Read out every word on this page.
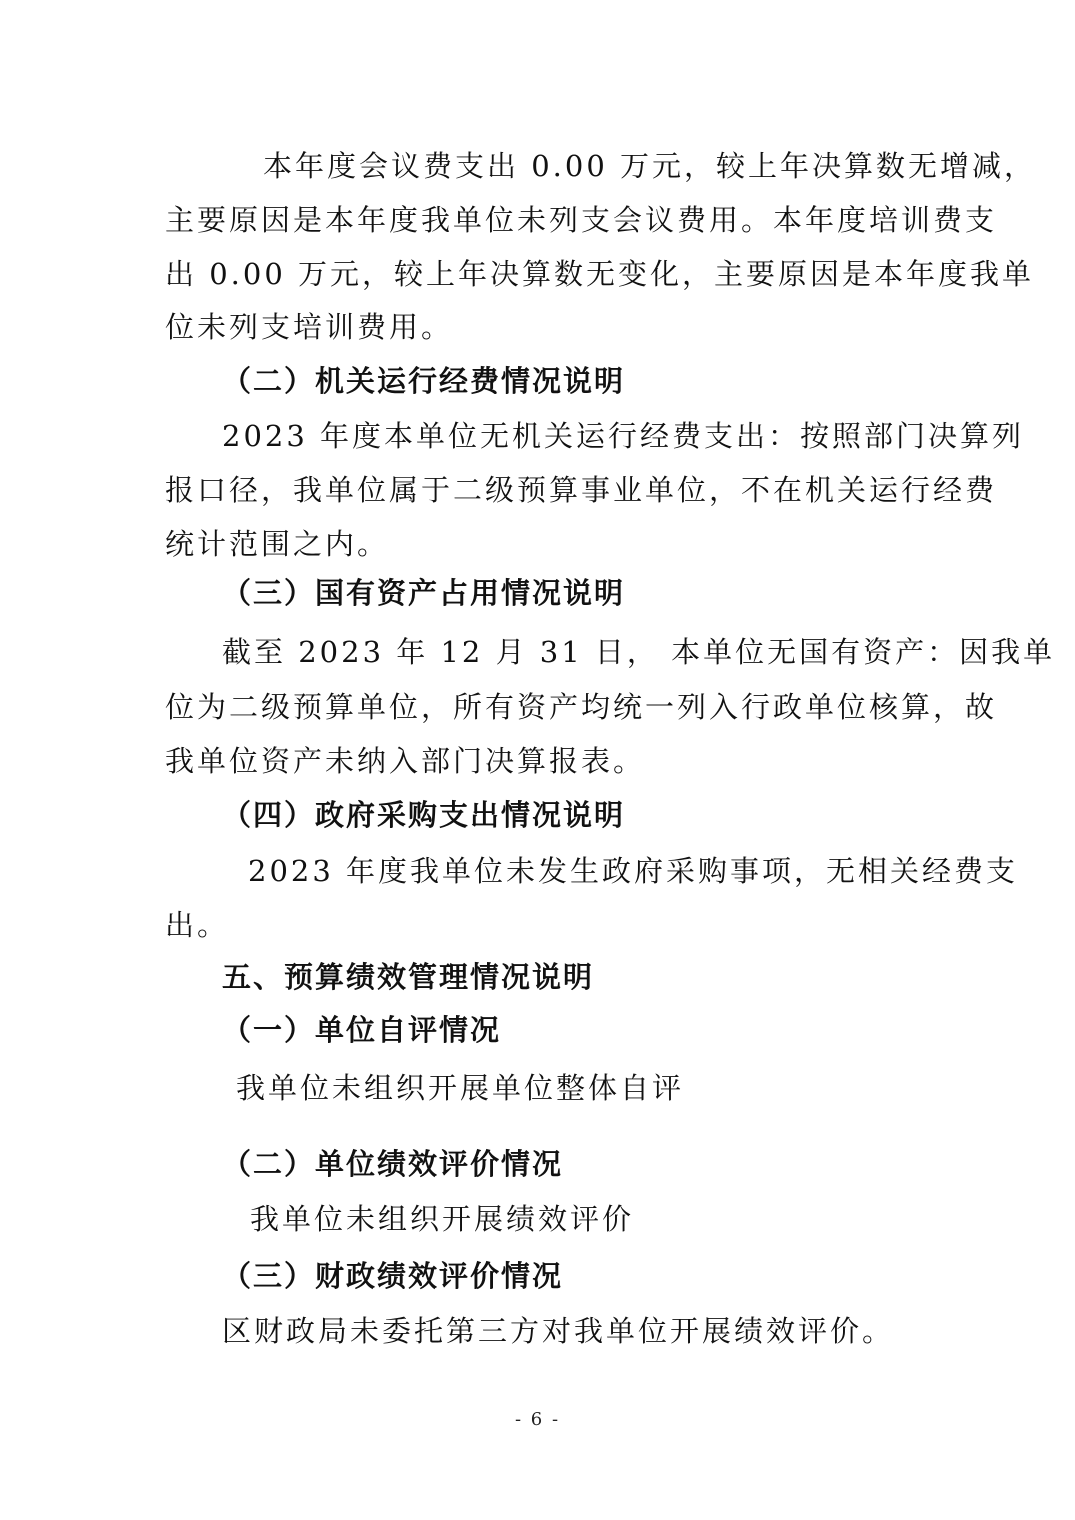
本年度会议费支出 0.00 万元，较上年决算数无增减，
主要原因是本年度我单位未列支会议费用。本年度培训费支
出 0.00 万元，较上年决算数无变化，主要原因是本年度我单
位未列支培训费用。
（二）机关运行经费情况说明
2023 年度本单位无机关运行经费支出：按照部门决算列
报口径，我单位属于二级预算事业单位，不在机关运行经费
统计范围之内。
（三）国有资产占用情况说明
截至 2023 年 12 月 31 日， 本单位无国有资产：因我单
位为二级预算单位，所有资产均统一列入行政单位核算，故
我单位资产未纳入部门决算报表。
（四）政府采购支出情况说明
2023 年度我单位未发生政府采购事项，无相关经费支
出。
五、预算绩效管理情况说明
（一）单位自评情况
我单位未组织开展单位整体自评
（二）单位绩效评价情况
我单位未组织开展绩效评价
（三）财政绩效评价情况
区财政局未委托第三方对我单位开展绩效评价。
- 6 -
